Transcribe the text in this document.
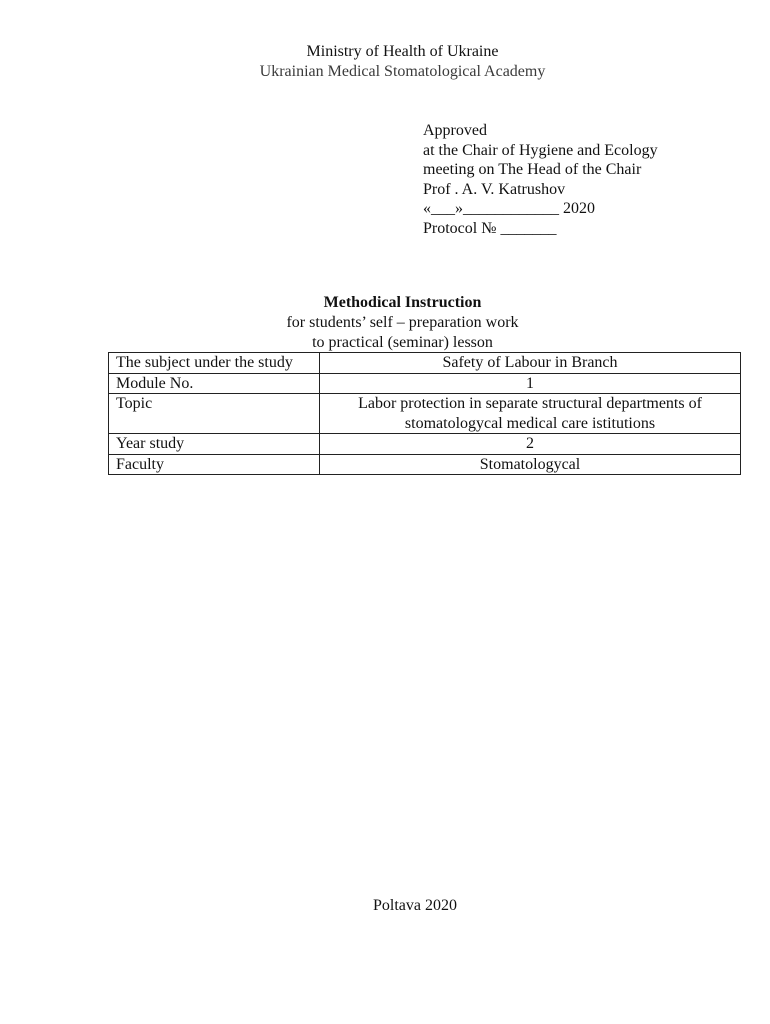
Ministry of Health of Ukraine
Ukrainian Medical Stomatological Academy
Approved
at the Chair of Hygiene and Ecology
meeting on The Head of the Chair
Prof . A. V. Katrushov
«___»____________ 2020
Protocol № _______
Methodical Instruction
for students’ self – preparation work
to practical (seminar) lesson
The subject under the study	Safety of Labour in Branch
Module No.	1
Topic	Labor protection in separate structural departments of stomatologycal medical care istitutions
Year study	2
Faculty	Stomatologycal
Poltava 2020
